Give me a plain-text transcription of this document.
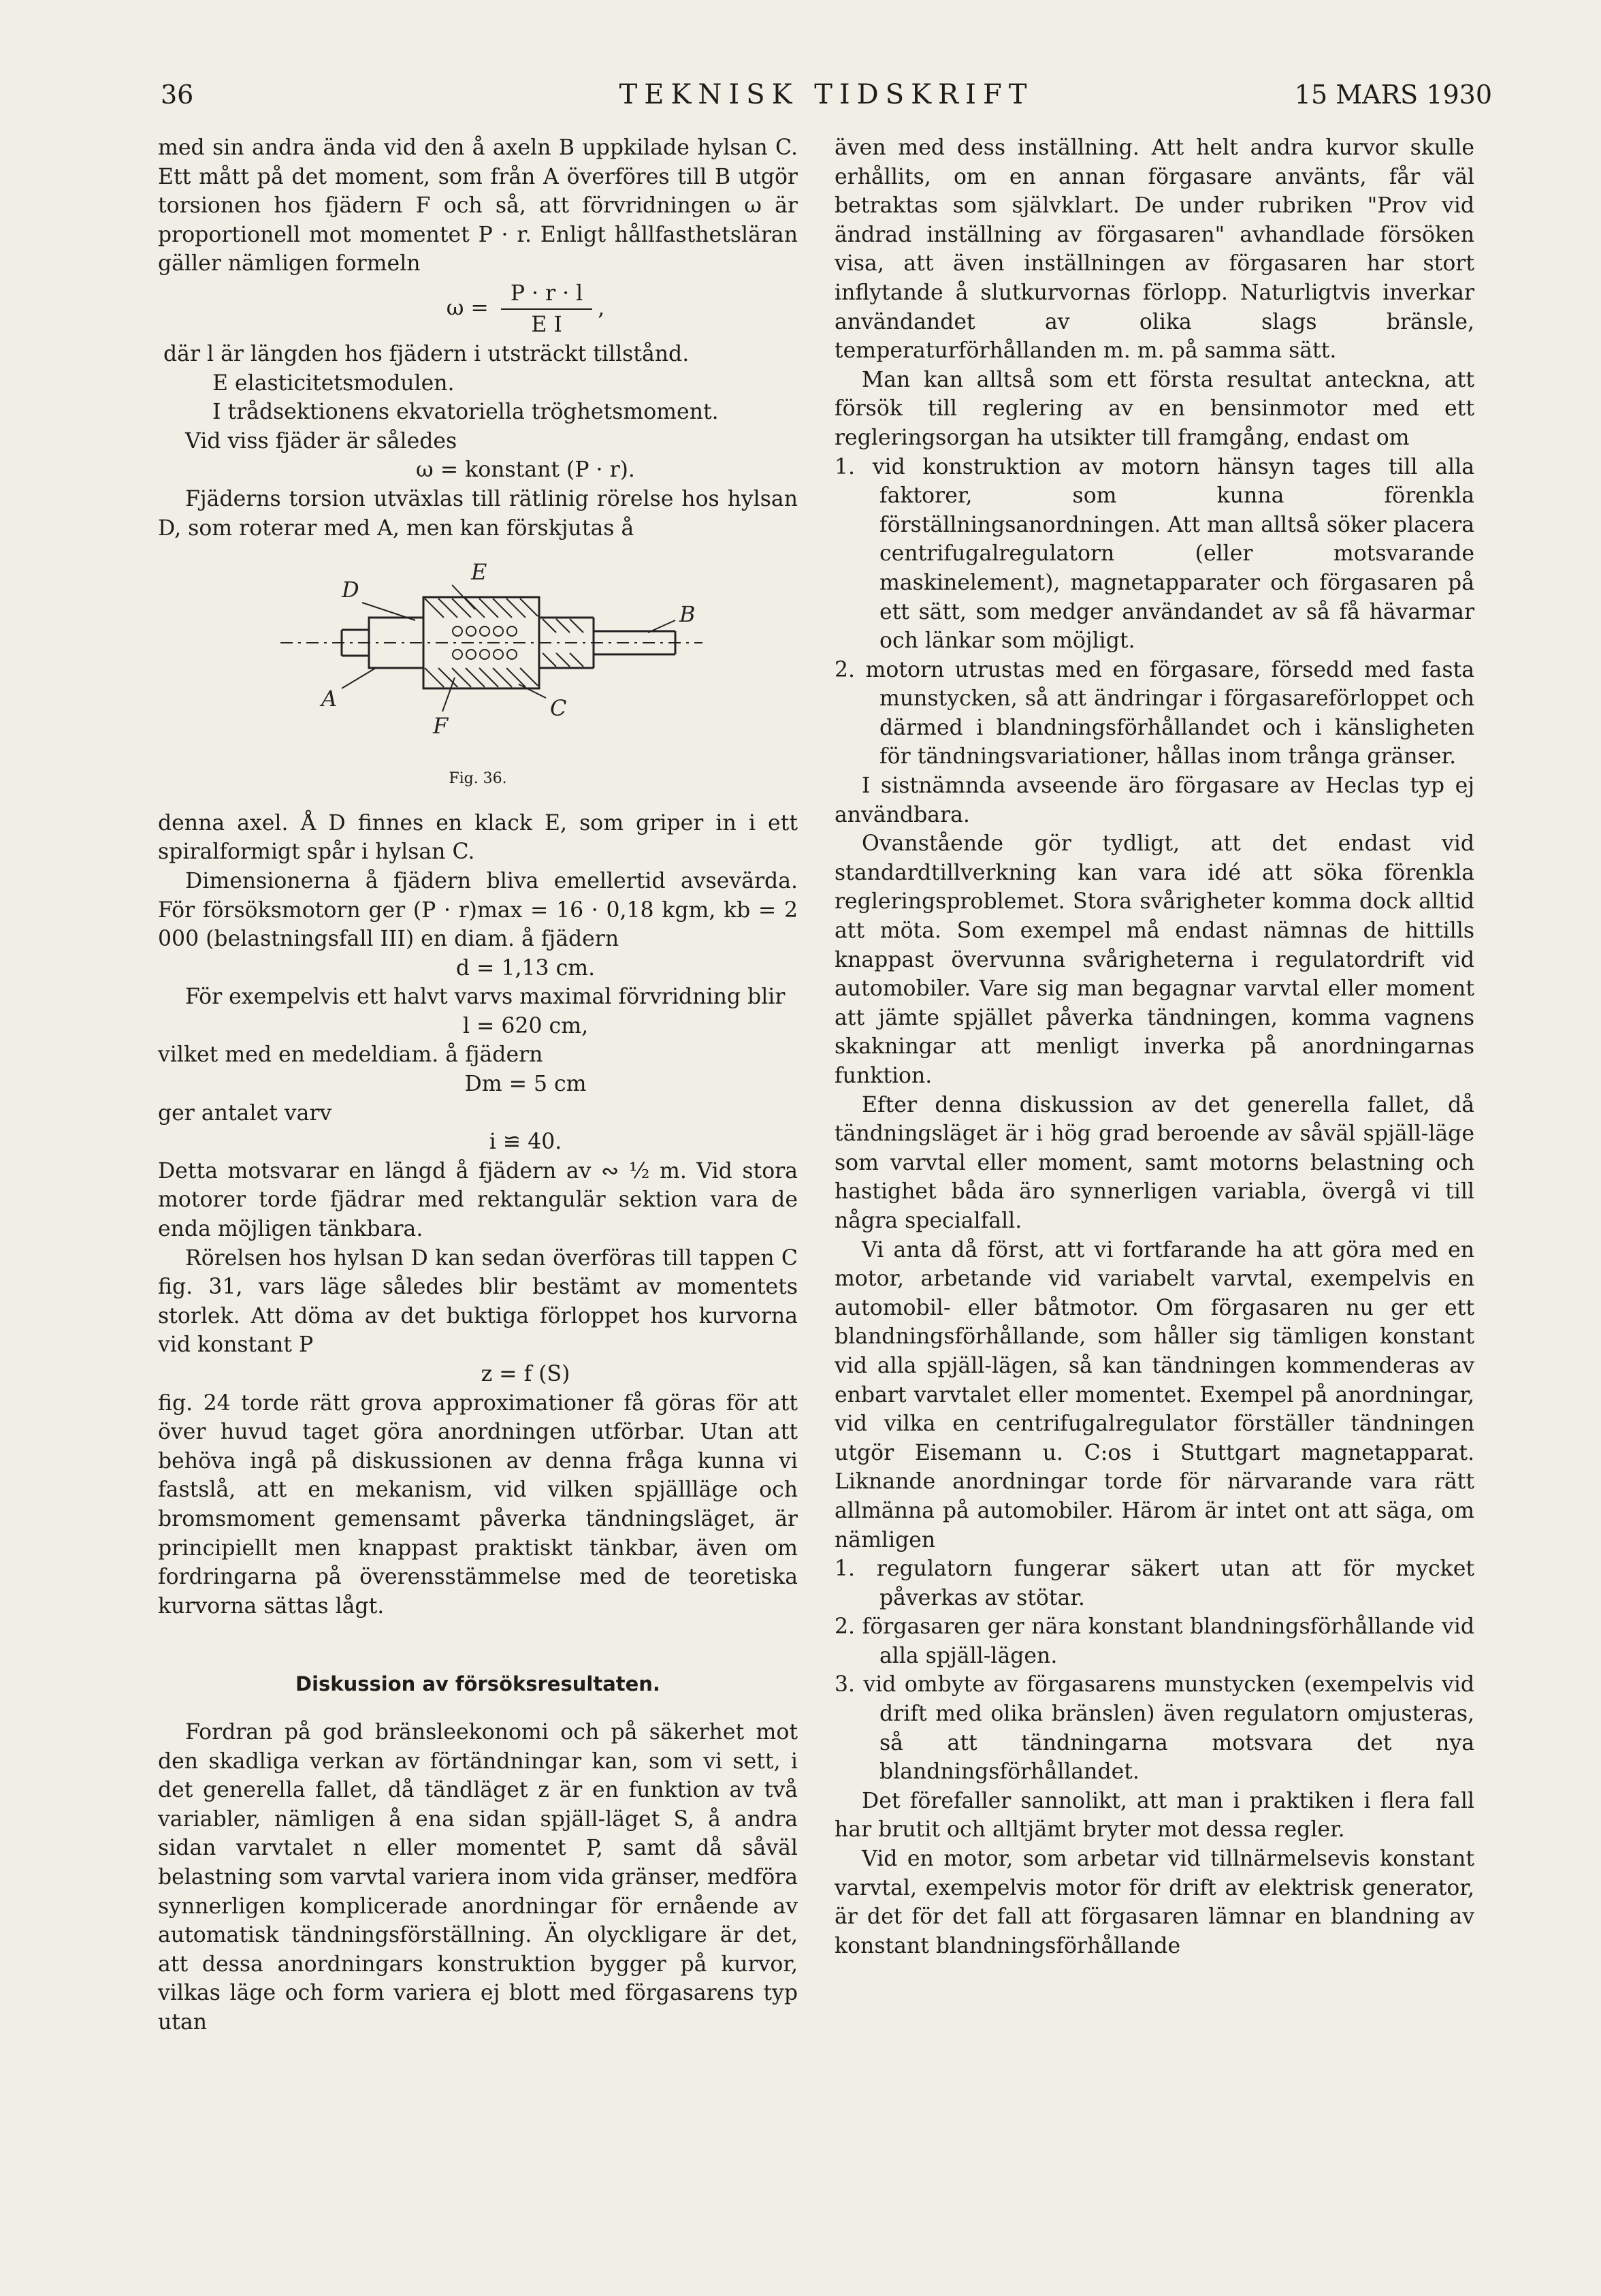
36	TEKNISK TIDSKRIFT	15 MARS 1930

med sin andra ända vid den å axeln B uppkilade hylsan C. Ett mått på det moment, som från A överföres till B utgör torsionen hos fjädern F och så, att förvridningen ω är proportionell mot momentet P · r. Enligt hållfasthetsläran gäller nämligen formeln

$\omega = \frac{P \cdot r \cdot l}{\text{E I}}$ ,

där l är längden hos fjädern i utsträckt tillstånd.

E elasticitetsmodulen.

I trådsektionens ekvatoriella tröghetsmoment.

Vid viss fjäder är således

ω = konstant (P · r).

Fjäderns torsion utväxlas till rätlinig rörelse hos hylsan D, som roterar med A, men kan förskjutas å

D
E
B
A
F
C

Fig. 36.

denna axel. Å D finnes en klack E, som griper in i ett spiralformigt spår i hylsan C.

Dimensionerna å fjädern bliva emellertid avsevärda. För försöksmotorn ger (P · r)max = 16 · 0,18 kgm, kb = 2 000 (belastningsfall III) en diam. å fjädern

d = 1,13 cm.

För exempelvis ett halvt varvs maximal förvridning blir

l = 620 cm,

vilket med en medeldiam. å fjädern

Dm = 5 cm

ger antalet varv

i ≌ 40.

Detta motsvarar en längd å fjädern av ∾ ½ m. Vid stora motorer torde fjädrar med rektangulär sektion vara de enda möjligen tänkbara.

Rörelsen hos hylsan D kan sedan överföras till tappen C fig. 31, vars läge således blir bestämt av momentets storlek. Att döma av det buktiga förloppet hos kurvorna vid konstant P

z = f (S)

fig. 24 torde rätt grova approximationer få göras för att över huvud taget göra anordningen utförbar. Utan att behöva ingå på diskussionen av denna fråga kunna vi fastslå, att en mekanism, vid vilken spjällläge och bromsmoment gemensamt påverka tändningsläget, är principiellt men knappast praktiskt tänkbar, även om fordringarna på överensstämmelse med de teoretiska kurvorna sättas lågt.

Diskussion av försöksresultaten.

Fordran på god bränsleekonomi och på säkerhet mot den skadliga verkan av förtändningar kan, som vi sett, i det generella fallet, då tändläget z är en funktion av två variabler, nämligen å ena sidan spjäll-läget S, å andra sidan varvtalet n eller momentet P, samt då såväl belastning som varvtal variera inom vida gränser, medföra synnerligen komplicerade anordningar för ernående av automatisk tändningsförställning. Än olyckligare är det, att dessa anordningars konstruktion bygger på kurvor, vilkas läge och form variera ej blott med förgasarens typ utan

även med dess inställning. Att helt andra kurvor skulle erhållits, om en annan förgasare använts, får väl betraktas som självklart. De under rubriken "Prov vid ändrad inställning av förgasaren" avhandlade försöken visa, att även inställningen av förgasaren har stort inflytande å slutkurvornas förlopp. Naturligtvis inverkar användandet av olika slags bränsle, temperaturförhållanden m. m. på samma sätt.

Man kan alltså som ett första resultat anteckna, att försök till reglering av en bensinmotor med ett regleringsorgan ha utsikter till framgång, endast om

1. vid konstruktion av motorn hänsyn tages till alla faktorer, som kunna förenkla förställningsanordningen. Att man alltså söker placera centrifugalregulatorn (eller motsvarande maskinelement), magnetapparater och förgasaren på ett sätt, som medger användandet av så få hävarmar och länkar som möjligt.

2. motorn utrustas med en förgasare, försedd med fasta munstycken, så att ändringar i förgasareförloppet och därmed i blandningsförhållandet och i känsligheten för tändningsvariationer, hållas inom trånga gränser.

I sistnämnda avseende äro förgasare av Heclas typ ej användbara.

Ovanstående gör tydligt, att det endast vid standardtillverkning kan vara idé att söka förenkla regleringsproblemet. Stora svårigheter komma dock alltid att möta. Som exempel må endast nämnas de hittills knappast övervunna svårigheterna i regulatordrift vid automobiler. Vare sig man begagnar varvtal eller moment att jämte spjället påverka tändningen, komma vagnens skakningar att menligt inverka på anordningarnas funktion.

Efter denna diskussion av det generella fallet, då tändningsläget är i hög grad beroende av såväl spjäll-läge som varvtal eller moment, samt motorns belastning och hastighet båda äro synnerligen variabla, övergå vi till några specialfall.

Vi anta då först, att vi fortfarande ha att göra med en motor, arbetande vid variabelt varvtal, exempelvis en automobil- eller båtmotor. Om förgasaren nu ger ett blandningsförhållande, som håller sig tämligen konstant vid alla spjäll-lägen, så kan tändningen kommenderas av enbart varvtalet eller momentet. Exempel på anordningar, vid vilka en centrifugalregulator förställer tändningen utgör Eisemann u. C:os i Stuttgart magnetapparat. Liknande anordningar torde för närvarande vara rätt allmänna på automobiler. Härom är intet ont att säga, om nämligen

1. regulatorn fungerar säkert utan att för mycket påverkas av stötar.

2. förgasaren ger nära konstant blandningsförhållande vid alla spjäll-lägen.

3. vid ombyte av förgasarens munstycken (exempelvis vid drift med olika bränslen) även regulatorn omjusteras, så att tändningarna motsvara det nya blandningsförhållandet.

Det förefaller sannolikt, att man i praktiken i flera fall har brutit och alltjämt bryter mot dessa regler.

Vid en motor, som arbetar vid tillnärmelsevis konstant varvtal, exempelvis motor för drift av elektrisk generator, är det för det fall att förgasaren lämnar en blandning av konstant blandningsförhållande
